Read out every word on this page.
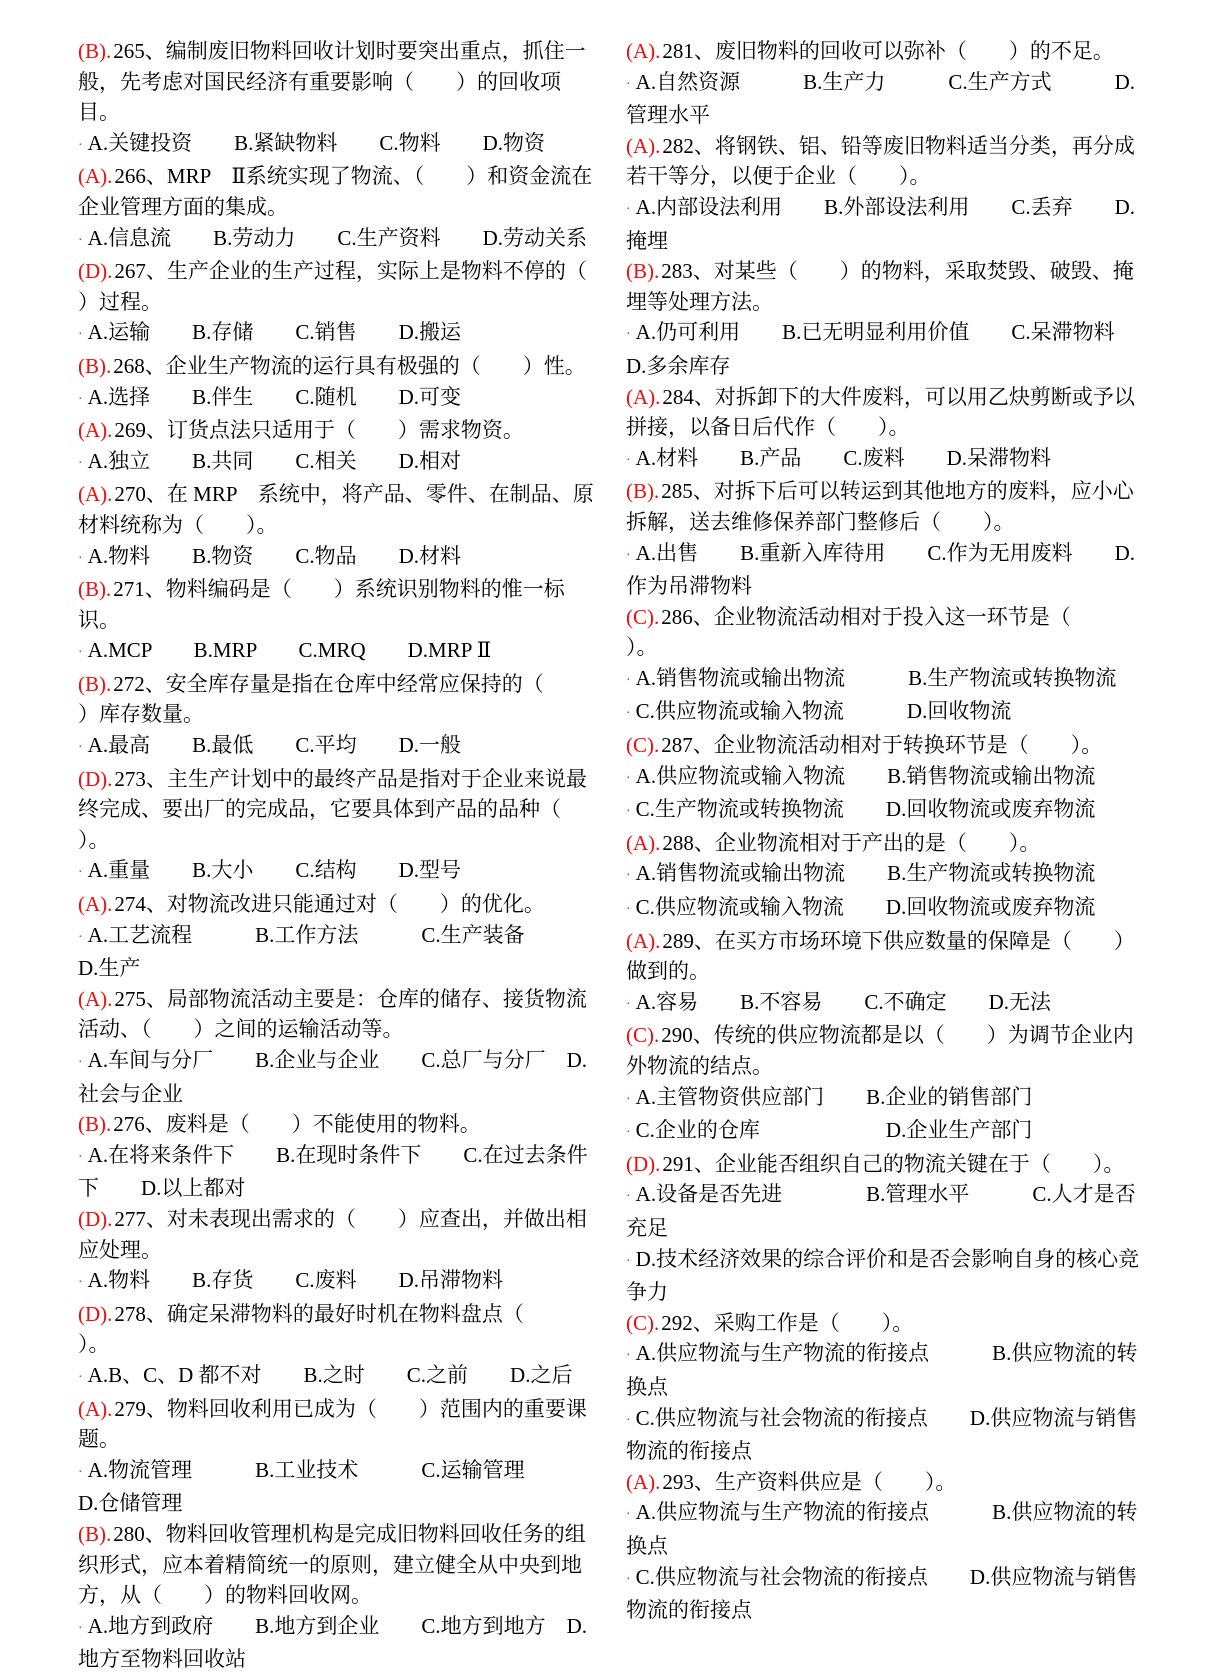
(B).265、编制废旧物料回收计划时要突出重点，抓住一般，先考虑对国民经济有重要影响（　　）的回收项目。

· A.关键投资　　B.紧缺物料　　C.物料　　D.物资

(A).266、MRP　Ⅱ系统实现了物流、（　　）和资金流在企业管理方面的集成。

· A.信息流　　B.劳动力　　C.生产资料　　D.劳动关系

(D).267、生产企业的生产过程，实际上是物料不停的（　　）过程。

· A.运输　　B.存储　　C.销售　　D.搬运

(B).268、企业生产物流的运行具有极强的（　　）性。

· A.选择　　B.伴生　　C.随机　　D.可变

(A).269、订货点法只适用于（　　）需求物资。

· A.独立　　B.共同　　C.相关　　D.相对

(A).270、在 MRP　系统中，将产品、零件、在制品、原材料统称为（　　）。

· A.物料　　B.物资　　C.物品　　D.材料

(B).271、物料编码是（　　）系统识别物料的惟一标识。

· A.MCP　　B.MRP　　C.MRQ　　D.MRP Ⅱ

(B).272、安全库存量是指在仓库中经常应保持的（　　）库存数量。

· A.最高　　B.最低　　C.平均　　D.一般

(D).273、主生产计划中的最终产品是指对于企业来说最终完成、要出厂的完成品，它要具体到产品的品种（　　）。

· A.重量　　B.大小　　C.结构　　D.型号

(A).274、对物流改进只能通过对（　　）的优化。

· A.工艺流程　　　B.工作方法　　　C.生产装备　　　D.生产

(A).275、局部物流活动主要是：仓库的储存、接货物流活动、（　　）之间的运输活动等。

· A.车间与分厂　　B.企业与企业　　C.总厂与分厂　D.社会与企业

(B).276、废料是（　　）不能使用的物料。

· A.在将来条件下　　B.在现时条件下　　C.在过去条件下　　D.以上都对

(D).277、对未表现出需求的（　　）应查出，并做出相应处理。

· A.物料　　B.存货　　C.废料　　D.吊滞物料

(D).278、确定呆滞物料的最好时机在物料盘点（　　）。

· A.B、C、D 都不对　　B.之时　　C.之前　　D.之后

(A).279、物料回收利用已成为（　　）范围内的重要课题。

· A.物流管理　　　B.工业技术　　　C.运输管理　　　D.仓储管理

(B).280、物料回收管理机构是完成旧物料回收任务的组织形式，应本着精简统一的原则，建立健全从中央到地方，从（　　）的物料回收网。

· A.地方到政府　　B.地方到企业　　C.地方到地方　D.地方至物料回收站

(A).281、废旧物料的回收可以弥补（　　）的不足。

· A.自然资源　　　B.生产力　　　C.生产方式　　　D.管理水平

(A).282、将钢铁、铝、铅等废旧物料适当分类，再分成若干等分，以便于企业（　　）。

· A.内部设法利用　　B.外部设法利用　　C.丢弃　　D.掩埋

(B).283、对某些（　　）的物料，采取焚毁、破毁、掩埋等处理方法。

· A.仍可利用　　B.已无明显利用价值　　C.呆滞物料　D.多余库存

(A).284、对拆卸下的大件废料，可以用乙炔剪断或予以拼接，以备日后代作（　　）。

· A.材料　　B.产品　　C.废料　　D.呆滞物料

(B).285、对拆下后可以转运到其他地方的废料，应小心拆解，送去维修保养部门整修后（　　）。

· A.出售　　B.重新入库待用　　C.作为无用废料　　D.作为吊滞物料

(C).286、企业物流活动相对于投入这一环节是（　　）。

· A.销售物流或输出物流　　　B.生产物流或转换物流

· C.供应物流或输入物流　　　D.回收物流

(C).287、企业物流活动相对于转换环节是（　　）。

· A.供应物流或输入物流　　B.销售物流或输出物流

· C.生产物流或转换物流　　D.回收物流或废弃物流

(A).288、企业物流相对于产出的是（　　）。

· A.销售物流或输出物流　　B.生产物流或转换物流

· C.供应物流或输入物流　　D.回收物流或废弃物流

(A).289、在买方市场环境下供应数量的保障是（　　）做到的。

· A.容易　　B.不容易　　C.不确定　　D.无法

(C).290、传统的供应物流都是以（　　）为调节企业内外物流的结点。

· A.主管物资供应部门　　B.企业的销售部门

· C.企业的仓库　　　　　　D.企业生产部门

(D).291、企业能否组织自己的物流关键在于（　　）。

· A.设备是否先进　　　　B.管理水平　　　C.人才是否充足

· D.技术经济效果的综合评价和是否会影响自身的核心竞争力

(C).292、采购工作是（　　）。

· A.供应物流与生产物流的衔接点　　　B.供应物流的转换点

· C.供应物流与社会物流的衔接点　　D.供应物流与销售物流的衔接点

(A).293、生产资料供应是（　　）。

· A.供应物流与生产物流的衔接点　　　B.供应物流的转换点

· C.供应物流与社会物流的衔接点　　D.供应物流与销售物流的衔接点
